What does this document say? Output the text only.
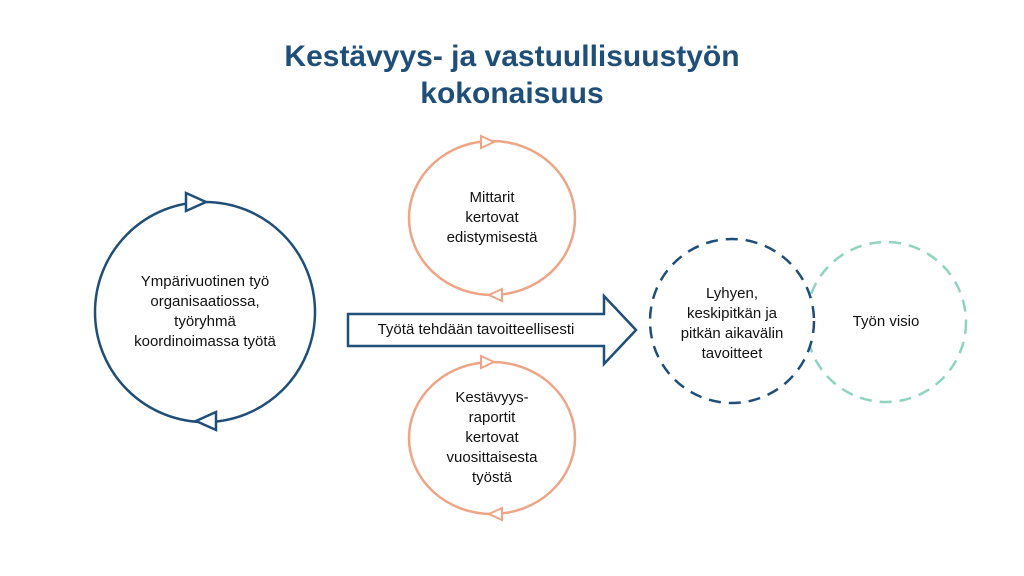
Kestävyys- ja vastuullisuustyön
kokonaisuus
Ympärivuotinen työ
organisaatiossa,
työryhmä
koordinoimassa työtä
Mittarit
kertovat
edistymisestä
Kestävyys-
raportit
kertovat
vuosittaisesta
työstä
Työtä tehdään tavoitteellisesti
Lyhyen,
keskipitkän ja
pitkän aikavälin
tavoitteet
Työn visio
